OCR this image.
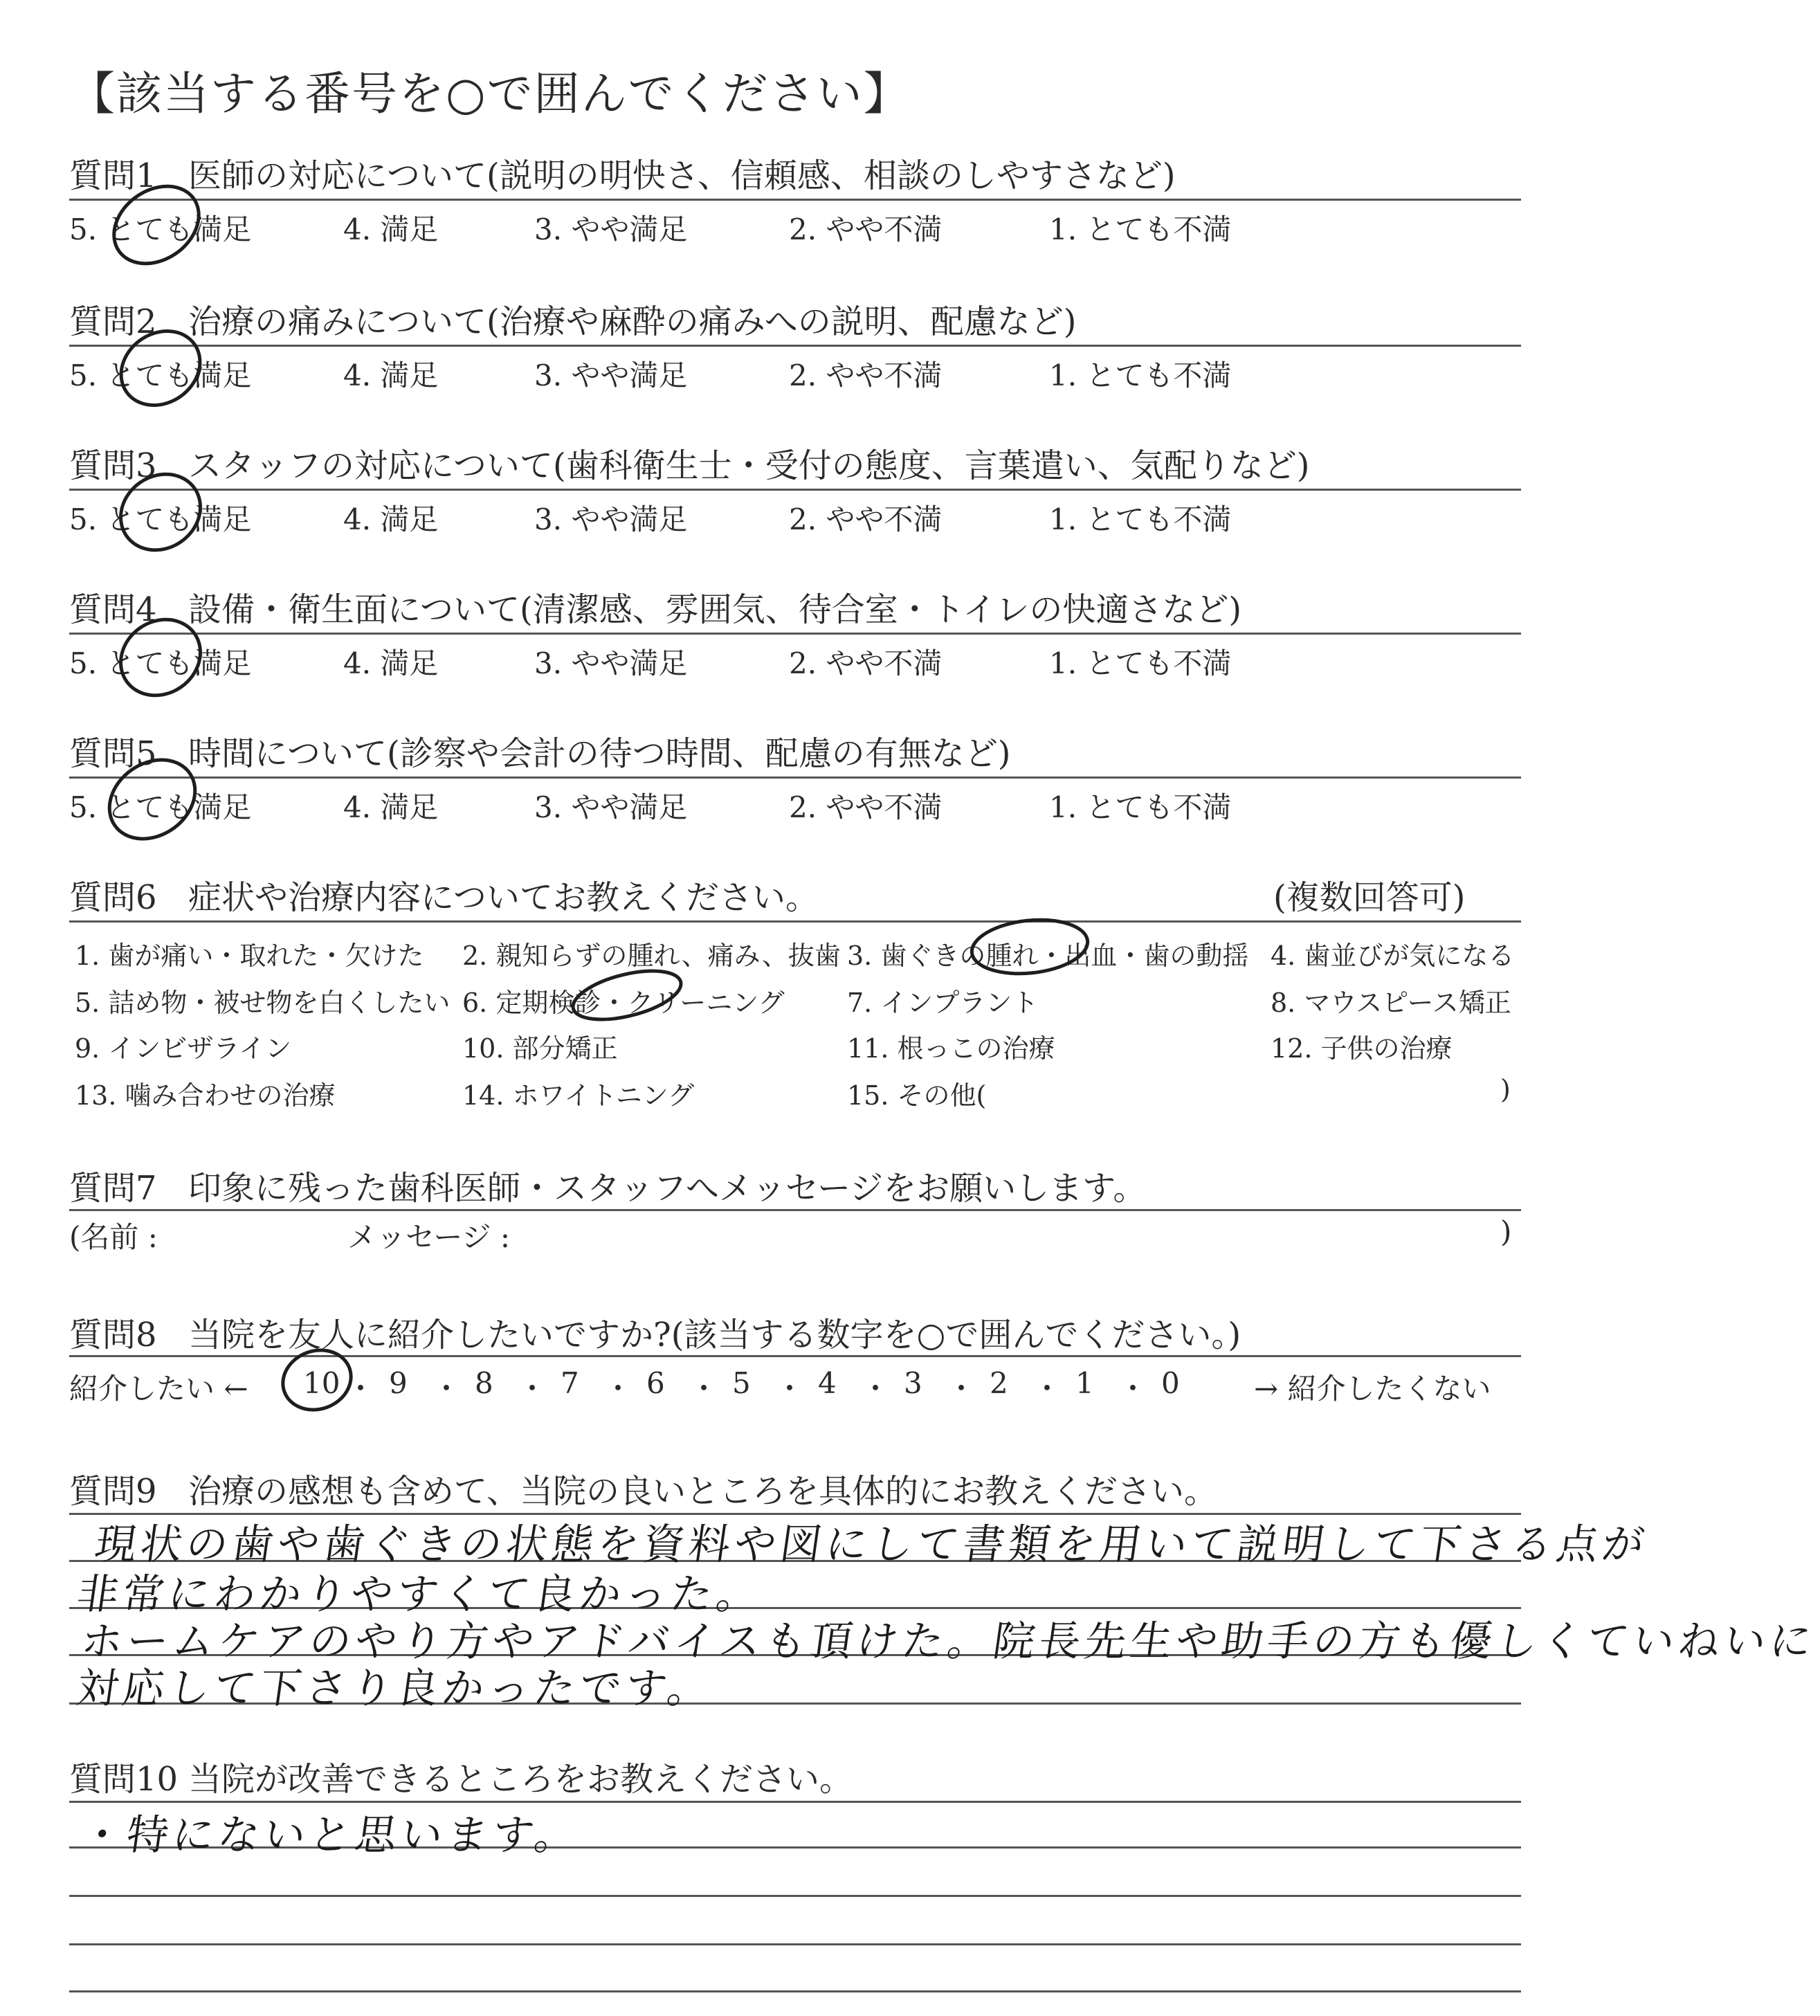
【該当する番号を○で囲んでください】
質問1 医師の対応について(説明の明快さ、信頼感、相談のしやすさなど)
5. とても満足	4. 満足	3. やや満足	2. やや不満	1. とても不満
質問2 治療の痛みについて(治療や麻酔の痛みへの説明、配慮など)
5. とても満足	4. 満足	3. やや満足	2. やや不満	1. とても不満
質問3 スタッフの対応について(歯科衛生士・受付の態度、言葉遣い、気配りなど)
5. とても満足	4. 満足	3. やや満足	2. やや不満	1. とても不満
質問4 設備・衛生面について(清潔感、雰囲気、待合室・トイレの快適さなど)
5. とても満足	4. 満足	3. やや満足	2. やや不満	1. とても不満
質問5 時間について(診察や会計の待つ時間、配慮の有無など)
5. とても満足	4. 満足	3. やや満足	2. やや不満	1. とても不満
質問6 症状や治療内容についてお教えください。	(複数回答可)
1. 歯が痛い・取れた・欠けた 2. 親知らずの腫れ、痛み、抜歯 3. 歯ぐきの腫れ・出血・歯の動揺 4. 歯並びが気になる
5. 詰め物・被せ物を白くしたい 6. 定期検診・クリーニング 7. インプラント	8. マウスピース矯正
9. インビザライン	10. 部分矯正	11. 根っこの治療	12. 子供の治療
13. 噛み合わせの治療	14. ホワイトニング	15. その他(	)
質問7 印象に残った歯科医師・スタッフへメッセージをお願いします。
(名前 :	メッセージ :	)
質問8 当院を友人に紹介したいですか?(該当する数字を○で囲んでください。)
紹介したい ← 10 ・ 9 ・ 8 ・ 7 ・ 6 ・ 5 ・ 4 ・ 3 ・ 2 ・ 1 ・ 0	→ 紹介したくない
質問9 治療の感想も含めて、当院の良いところを具体的にお教えください。
現状の歯や歯ぐきの状態を資料や図にして書類を用いて説明して下さる点が
非常にわかりやすくて良かった。
ホームケアのやり方やアドバイスも頂けた。院長先生や助手の方も優しくていねいに
対応して下さり良かったです。
質問10 当院が改善できるところをお教えください。
・特にないと思います。
